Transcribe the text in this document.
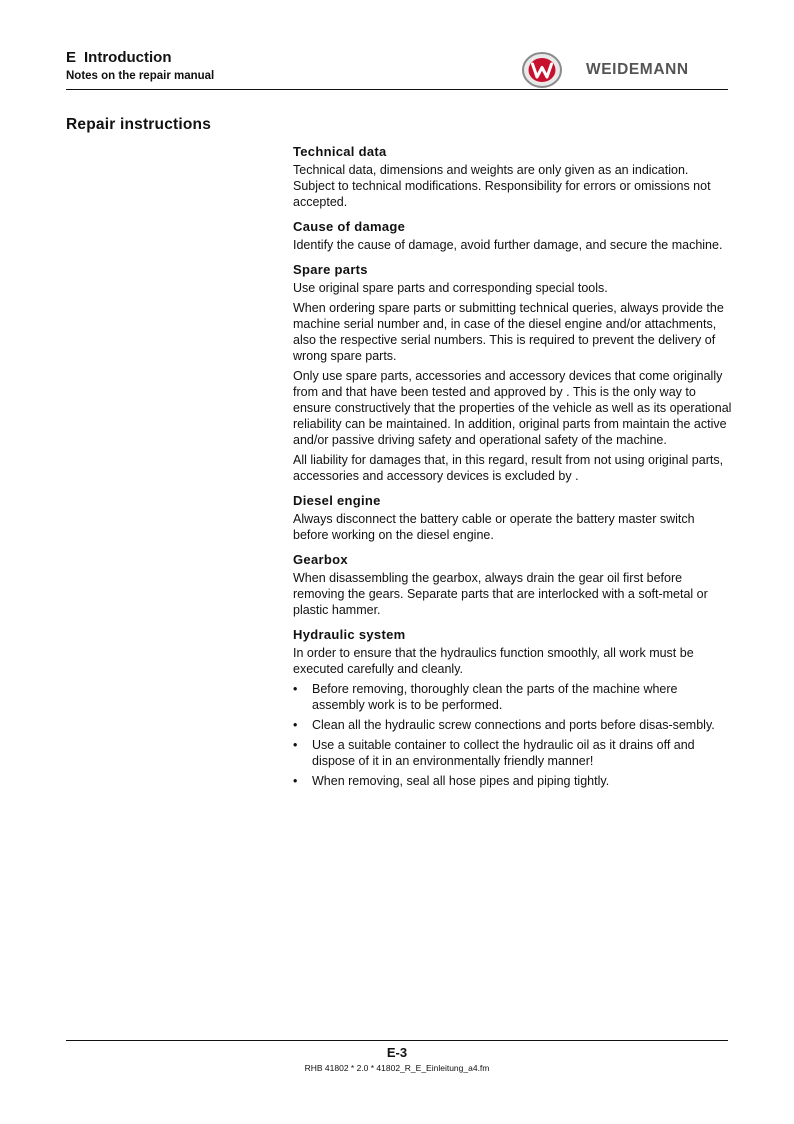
E Introduction
Notes on the repair manual	WEIDEMANN
Repair instructions
Technical data

Technical data, dimensions and weights are only given as an indication. Subject to technical modifications. Responsibility for errors or omissions not accepted.

Cause of damage

Identify the cause of damage, avoid further damage, and secure the machine.

Spare parts

Use original spare parts and corresponding special tools.

When ordering spare parts or submitting technical queries, always provide the machine serial number and, in case of the diesel engine and/or attachments, also the respective serial numbers. This is required to prevent the delivery of wrong spare parts.

Only use spare parts, accessories and accessory devices that come originally from and that have been tested and approved by . This is the only way to ensure constructively that the properties of the vehicle as well as its operational reliability can be maintained. In addition, original parts from maintain the active and/or passive driving safety and operational safety of the machine.

All liability for damages that, in this regard, result from not using original parts, accessories and accessory devices is excluded by .

Diesel engine

Always disconnect the battery cable or operate the battery master switch before working on the diesel engine.

Gearbox

When disassembling the gearbox, always drain the gear oil first before removing the gears. Separate parts that are interlocked with a soft-metal or plastic hammer.

Hydraulic system

In order to ensure that the hydraulics function smoothly, all work must be executed carefully and cleanly.

• Before removing, thoroughly clean the parts of the machine where assembly work is to be performed.
• Clean all the hydraulic screw connections and ports before disas-sembly.
• Use a suitable container to collect the hydraulic oil as it drains off and dispose of it in an environmentally friendly manner!
• When removing, seal all hose pipes and piping tightly.
E-3
RHB 41802 * 2.0 * 41802_R_E_Einleitung_a4.fm
